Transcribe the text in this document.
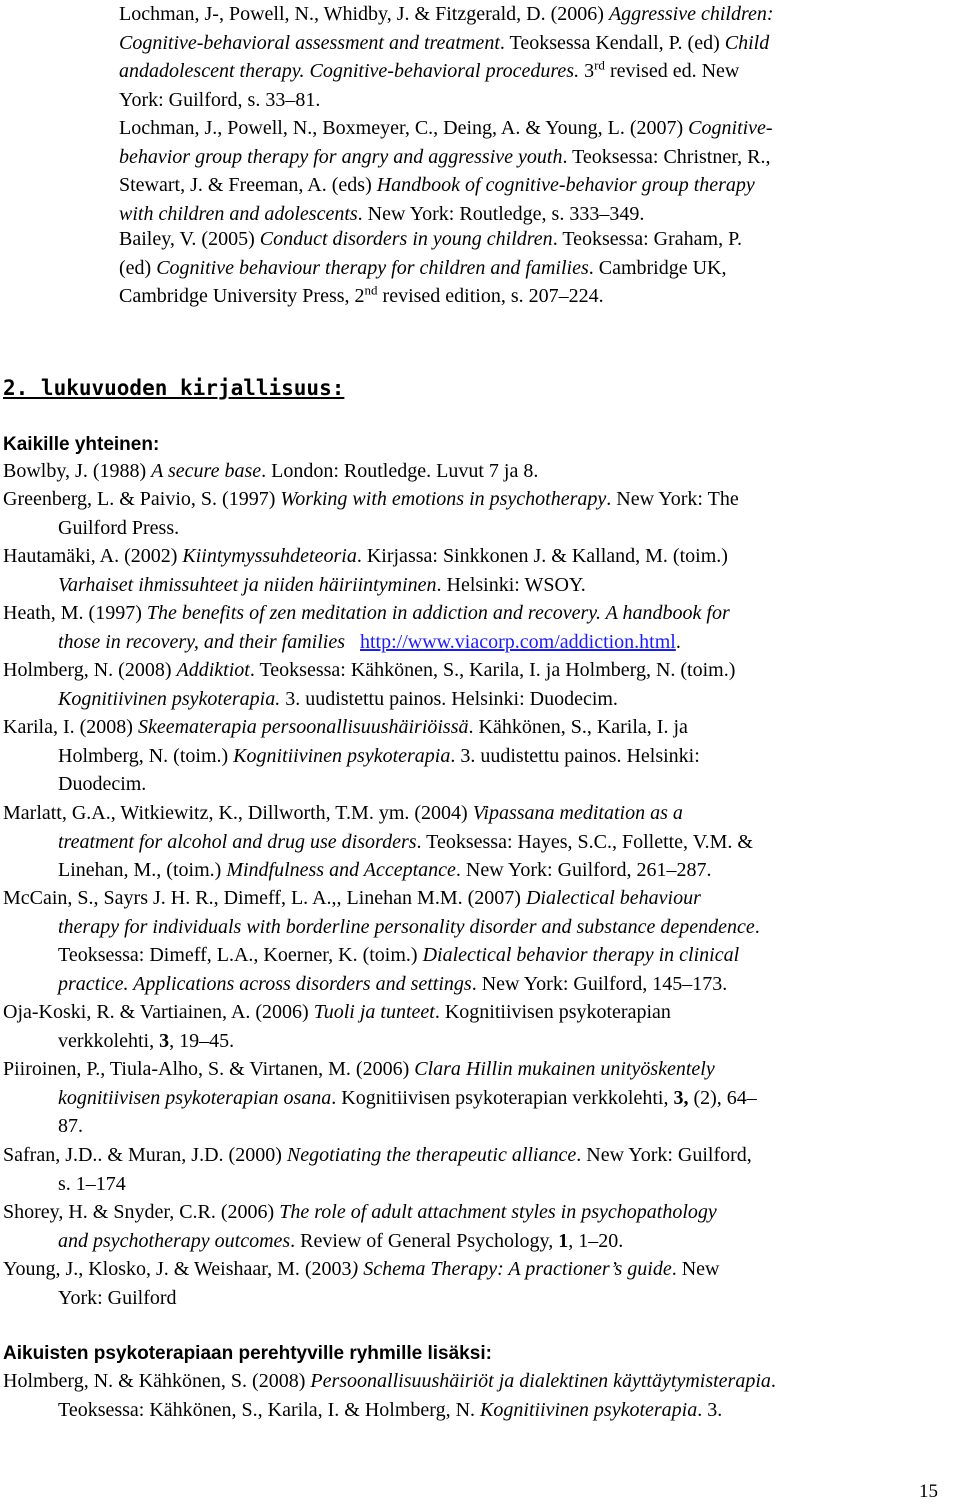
Lochman, J-, Powell, N., Whidby, J. & Fitzgerald, D. (2006) Aggressive children:
Cognitive-behavioral assessment and treatment. Teoksessa Kendall, P. (ed) Child
andadolescent therapy. Cognitive-behavioral procedures. 3rd revised ed. New
York: Guilford, s. 33–81.
Lochman, J., Powell, N., Boxmeyer, C., Deing, A. & Young, L. (2007) Cognitive-
behavior group therapy for angry and aggressive youth. Teoksessa: Christner, R.,
Stewart, J. & Freeman, A. (eds) Handbook of cognitive-behavior group therapy
with children and adolescents. New York: Routledge, s. 333–349.
Bailey, V. (2005) Conduct disorders in young children. Teoksessa: Graham, P.
(ed) Cognitive behaviour therapy for children and families. Cambridge UK,
Cambridge University Press, 2nd revised edition, s. 207–224.
2. lukuvuoden kirjallisuus:
Kaikille yhteinen:
Bowlby, J. (1988) A secure base. London: Routledge. Luvut 7 ja 8.
Greenberg, L. & Paivio, S. (1997) Working with emotions in psychotherapy. New York: The
Guilford Press.
Hautamäki, A. (2002) Kiintymyssuhdeteoria. Kirjassa: Sinkkonen J. & Kalland, M. (toim.)
Varhaiset ihmissuhteet ja niiden häiriintyminen. Helsinki: WSOY.
Heath, M. (1997) The benefits of zen meditation in addiction and recovery. A handbook for
those in recovery, and their families http://www.viacorp.com/addiction.html.
Holmberg, N. (2008) Addiktiot. Teoksessa: Kähkönen, S., Karila, I. ja Holmberg, N. (toim.)
Kognitiivinen psykoterapia. 3. uudistettu painos. Helsinki: Duodecim.
Karila, I. (2008) Skeematerapia persoonallisuushäiriöissä. Kähkönen, S., Karila, I. ja
Holmberg, N. (toim.) Kognitiivinen psykoterapia. 3. uudistettu painos. Helsinki:
Duodecim.
Marlatt, G.A., Witkiewitz, K., Dillworth, T.M. ym. (2004) Vipassana meditation as a
treatment for alcohol and drug use disorders. Teoksessa: Hayes, S.C., Follette, V.M. &
Linehan, M., (toim.) Mindfulness and Acceptance. New York: Guilford, 261–287.
McCain, S., Sayrs J. H. R., Dimeff, L. A.,, Linehan M.M. (2007) Dialectical behaviour
therapy for individuals with borderline personality disorder and substance dependence.
Teoksessa: Dimeff, L.A., Koerner, K. (toim.) Dialectical behavior therapy in clinical
practice. Applications across disorders and settings. New York: Guilford, 145–173.
Oja-Koski, R. & Vartiainen, A. (2006) Tuoli ja tunteet. Kognitiivisen psykoterapian
verkkolehti, 3, 19–45.
Piiroinen, P., Tiula-Alho, S. & Virtanen, M. (2006) Clara Hillin mukainen unityöskentely
kognitiivisen psykoterapian osana. Kognitiivisen psykoterapian verkkolehti, 3, (2), 64–
87.
Safran, J.D.. & Muran, J.D. (2000) Negotiating the therapeutic alliance. New York: Guilford,
s. 1–174
Shorey, H. & Snyder, C.R. (2006) The role of adult attachment styles in psychopathology
and psychotherapy outcomes. Review of General Psychology, 1, 1–20.
Young, J., Klosko, J. & Weishaar, M. (2003) Schema Therapy: A practioner’s guide. New
York: Guilford
Aikuisten psykoterapiaan perehtyville ryhmille lisäksi:
Holmberg, N. & Kähkönen, S. (2008) Persoonallisuushäiriöt ja dialektinen käyttäytymisterapia.
Teoksessa: Kähkönen, S., Karila, I. & Holmberg, N. Kognitiivinen psykoterapia. 3.
15
